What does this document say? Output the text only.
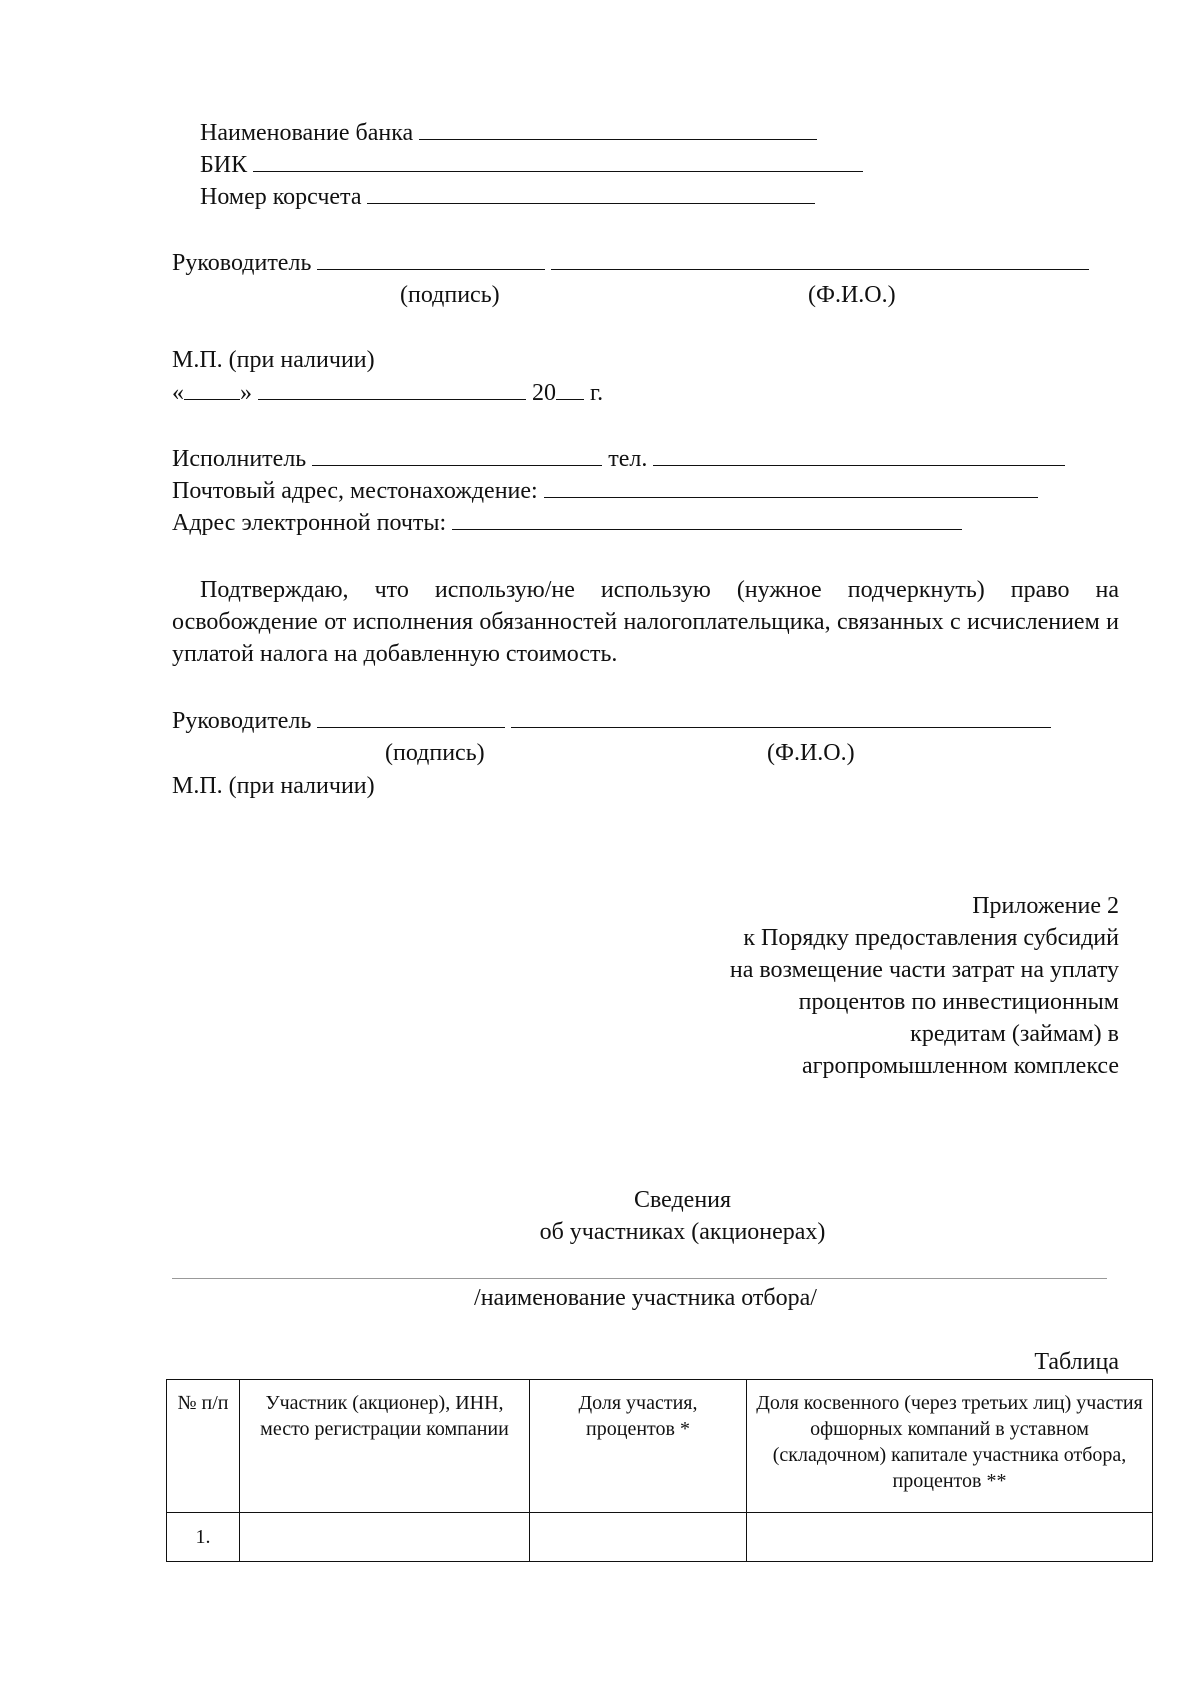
Наименование банка
БИК
Номер корсчета
Руководитель
(подпись)	(Ф.И.О.)
М.П. (при наличии)
« »	20 г.
Исполнитель	тел.
Почтовый адрес, местонахождение:
Адрес электронной почты:
Подтверждаю, что использую/не использую (нужное подчеркнуть) право на освобождение от исполнения обязанностей налогоплательщика, связанных с исчислением и уплатой налога на добавленную стоимость.
Руководитель
(подпись)	(Ф.И.О.)
М.П. (при наличии)
Приложение 2
к Порядку предоставления субсидий
на возмещение части затрат на уплату
процентов по инвестиционным
кредитам (займам) в
агропромышленном комплексе
Сведения
об участниках (акционерах)
/наименование участника отбора/
Таблица
№ п/п	Участник (акционер), ИНН, место регистрации компании	Доля участия, процентов *	Доля косвенного (через третьих лиц) участия офшорных компаний в уставном (складочном) капитале участника отбора, процентов **
1.			
